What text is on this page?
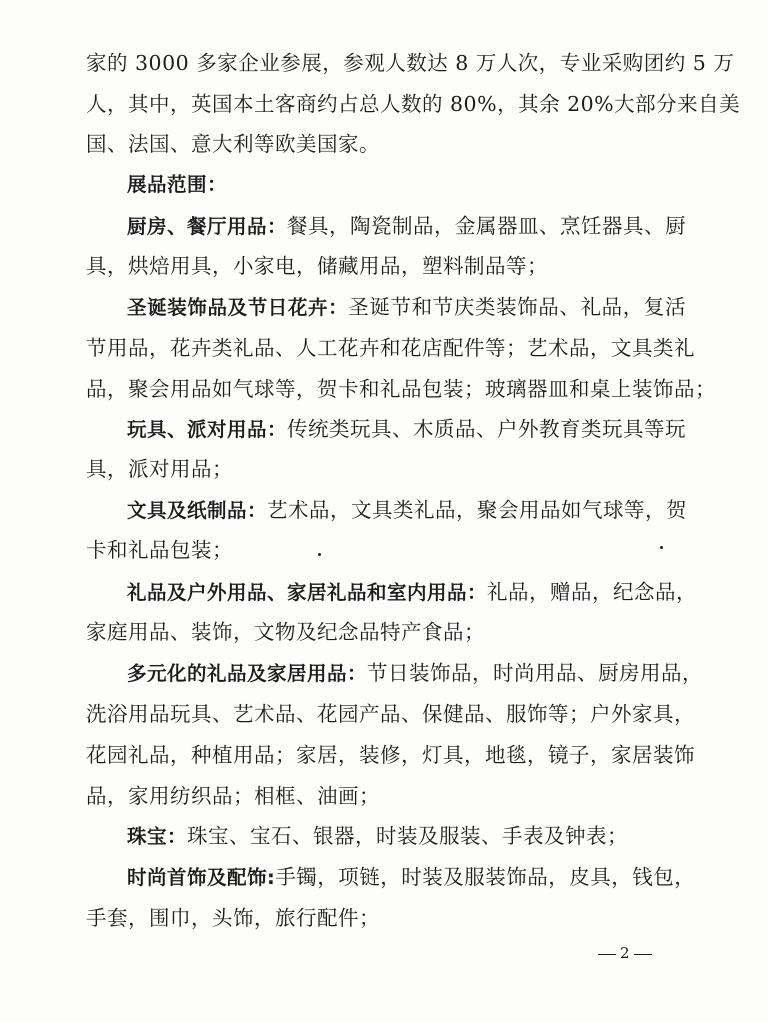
家的 3000 多家企业参展，参观人数达 8 万人次，专业采购团约 5 万
人，其中，英国本土客商约占总人数的 80%，其余 20%大部分来自美
国、法国、意大利等欧美国家。
展品范围：
厨房、餐厅用品：餐具，陶瓷制品，金属器皿、烹饪器具、厨
具，烘焙用具，小家电，储藏用品，塑料制品等；
圣诞装饰品及节日花卉：圣诞节和节庆类装饰品、礼品，复活
节用品，花卉类礼品、人工花卉和花店配件等；艺术品，文具类礼
品，聚会用品如气球等，贺卡和礼品包装；玻璃器皿和桌上装饰品；
玩具、派对用品：传统类玩具、木质品、户外教育类玩具等玩
具，派对用品；
文具及纸制品：艺术品，文具类礼品，聚会用品如气球等，贺
卡和礼品包装；
礼品及户外用品、家居礼品和室内用品：礼品，赠品，纪念品，
家庭用品、装饰，文物及纪念品特产食品；
多元化的礼品及家居用品：节日装饰品，时尚用品、厨房用品，
洗浴用品玩具、艺术品、花园产品、保健品、服饰等；户外家具，
花园礼品，种植用品；家居，装修，灯具，地毯，镜子，家居装饰
品，家用纺织品；相框、油画；
珠宝：珠宝、宝石、银器，时装及服装、手表及钟表；
时尚首饰及配饰:手镯，项链，时装及服装饰品，皮具，钱包，
手套，围巾，头饰，旅行配件；
2
